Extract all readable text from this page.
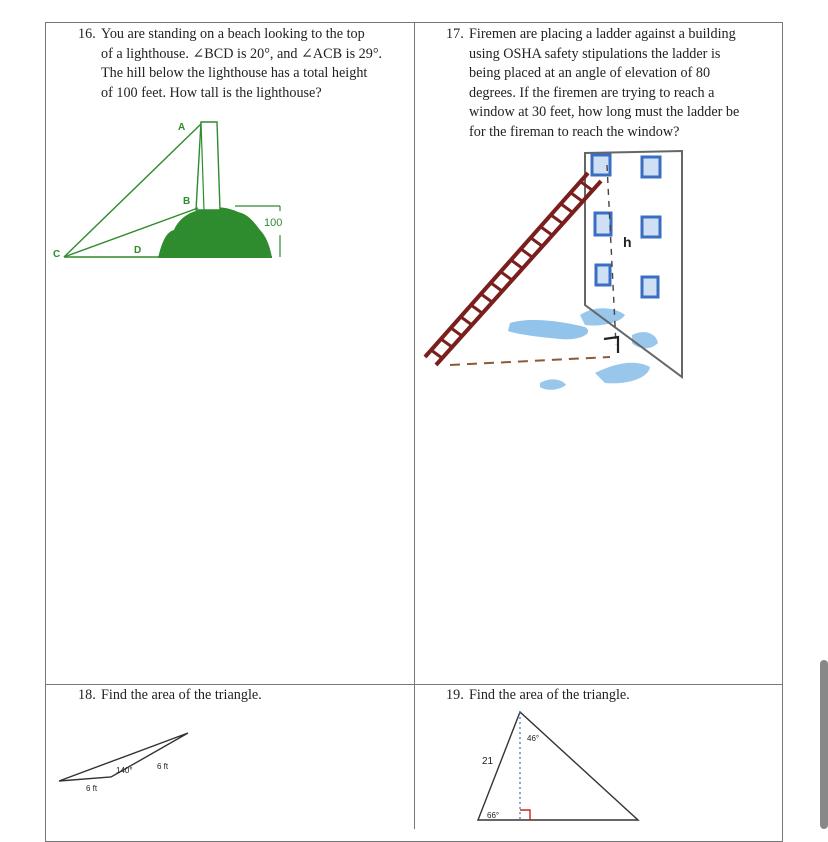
16. You are standing on a beach looking to the top
of a lighthouse. ∠BCD is 20°, and ∠ACB is 29°.
The hill below the lighthouse has a total height
of 100 feet. How tall is the lighthouse?
A
B
C	D
100
17. Firemen are placing a ladder against a building
using OSHA safety stipulations the ladder is
being placed at an angle of elevation of 80
degrees. If the firemen are trying to reach a
window at 30 feet, how long must the ladder be
for the fireman to reach the window?
h
18. Find the area of the triangle.
140°	6 ft
6 ft
19. Find the area of the triangle.
46°
21
66°
